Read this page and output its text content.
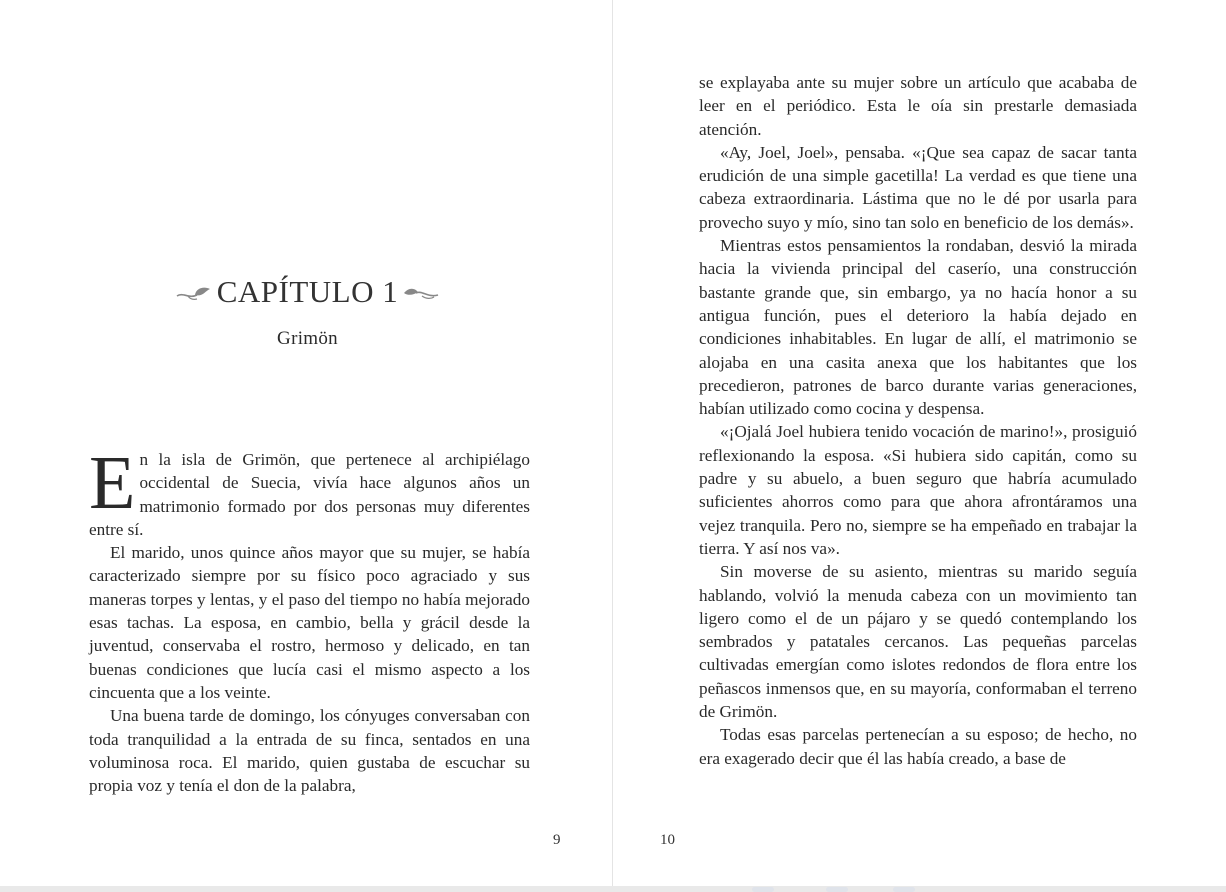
CAPÍTULO 1
Grimön

En la isla de Grimön, que pertenece al archipiélago occidental de Suecia, vivía hace algunos años un matrimonio formado por dos personas muy diferentes entre sí.

El marido, unos quince años mayor que su mujer, se había caracterizado siempre por su físico poco agraciado y sus maneras torpes y lentas, y el paso del tiempo no había mejorado esas tachas. La esposa, en cambio, bella y grácil desde la juventud, conservaba el rostro, hermoso y delicado, en tan buenas condiciones que lucía casi el mismo aspecto a los cincuenta que a los veinte.

Una buena tarde de domingo, los cónyuges conversaban con toda tranquilidad a la entrada de su finca, sentados en una voluminosa roca. El marido, quien gustaba de escuchar su propia voz y tenía el don de la palabra,

9

se explayaba ante su mujer sobre un artículo que acababa de leer en el periódico. Esta le oía sin prestarle demasiada atención.

«Ay, Joel, Joel», pensaba. «¡Que sea capaz de sacar tanta erudición de una simple gacetilla! La verdad es que tiene una cabeza extraordinaria. Lástima que no le dé por usarla para provecho suyo y mío, sino tan solo en beneficio de los demás».

Mientras estos pensamientos la rondaban, desvió la mirada hacia la vivienda principal del caserío, una construcción bastante grande que, sin embargo, ya no hacía honor a su antigua función, pues el deterioro la había dejado en condiciones inhabitables. En lugar de allí, el matrimonio se alojaba en una casita anexa que los habitantes que los precedieron, patrones de barco durante varias generaciones, habían utilizado como cocina y despensa.

«¡Ojalá Joel hubiera tenido vocación de marino!», prosiguió reflexionando la esposa. «Si hubiera sido capitán, como su padre y su abuelo, a buen seguro que habría acumulado suficientes ahorros como para que ahora afrontáramos una vejez tranquila. Pero no, siempre se ha empeñado en trabajar la tierra. Y así nos va».

Sin moverse de su asiento, mientras su marido seguía hablando, volvió la menuda cabeza con un movimiento tan ligero como el de un pájaro y se quedó contemplando los sembrados y patatales cercanos. Las pequeñas parcelas cultivadas emergían como islotes redondos de flora entre los peñascos inmensos que, en su mayoría, conformaban el terreno de Grimön.

Todas esas parcelas pertenecían a su esposo; de hecho, no era exagerado decir que él las había creado, a base de

10
